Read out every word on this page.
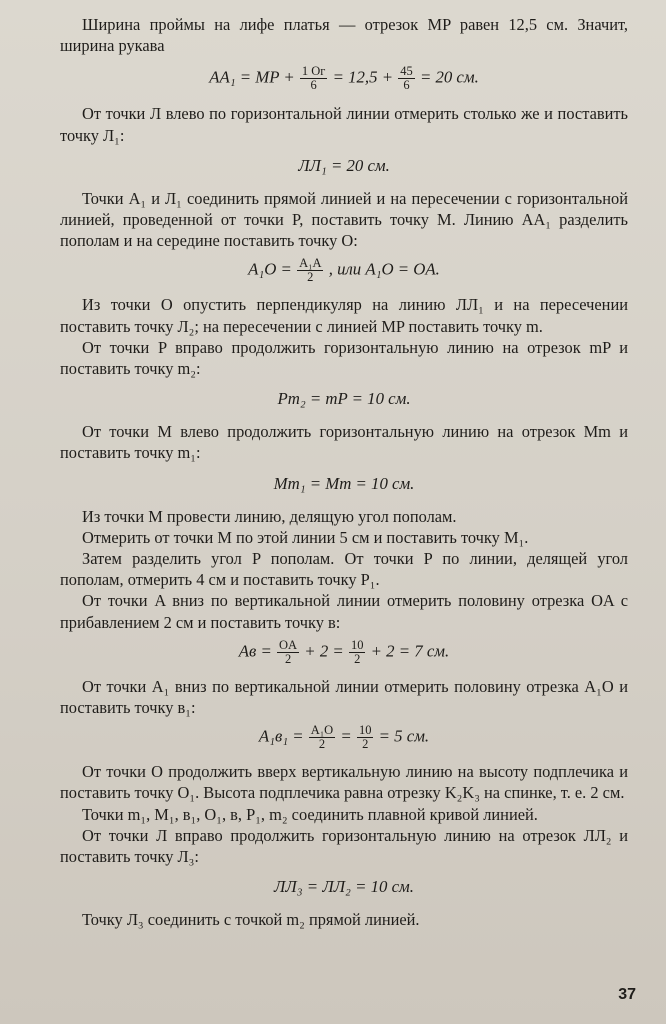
Ширина проймы на лифе платья — отрезок MP равен 12,5 см. Значит, ширина рукава

AA₁ = MP + $\frac{1 Ог}{6} = 12,5 + \frac{45}{6} = 20$ см.

От точки Л влево по горизонтальной линии отмерить столько же и поставить точку Л₁:

ЛЛ₁ = 20 см.

Точки A₁ и Л₁ соединить прямой линией и на пересечении с горизонтальной линией, проведенной от точки P, поставить точку M. Линию AA₁ разделить пополам и на середине поставить точку O:

$A_1O = \frac{\text{A₁A}}{2}$ , или A₁O = OA.

Из точки O опустить перпендикуляр на линию ЛЛ₁ и на пересечении поставить точку Л₂; на пересечении с линией MP поставить точку m.

От точки P вправо продолжить горизонтальную линию на отрезок mP и поставить точку m₂:

Pm₂ = mP = 10 см.

От точки M влево продолжить горизонтальную линию на отрезок Mm и поставить точку m₁:

Mm₁ = Mm = 10 см.

Из точки M провести линию, делящую угол пополам.

Отмерить от точки M по этой линии 5 см и поставить точку M₁.

Затем разделить угол P пополам. От точки P по линии, делящей угол пополам, отмерить 4 см и поставить точку P₁.

От точки A вниз по вертикальной линии отмерить половину отрезка OA с прибавлением 2 см и поставить точку в:

Aв = $\frac{OA}{2} + 2 = \frac{10}{2} + 2 = 7$ см.

От точки A₁ вниз по вертикальной линии отмерить половину отрезка A₁O и поставить точку в₁:

$A_1в_1 = \frac{\text{A₁O}}{2} = \frac{10}{2} = 5$ см.

От точки O продолжить вверх вертикальную линию на высоту подплечика и поставить точку O₁. Высота подплечика равна отрезку K₂K₃ на спинке, т. е. 2 см.

Точки m₁, M₁, в₁, O₁, в, P₁, m₂ соединить плавной кривой линией.

От точки Л вправо продолжить горизонтальную линию на отрезок ЛЛ₂ и поставить точку Л₃:

ЛЛ₃ = ЛЛ₂ = 10 см.

Точку Л₃ соединить с точкой m₂ прямой линией.

37
